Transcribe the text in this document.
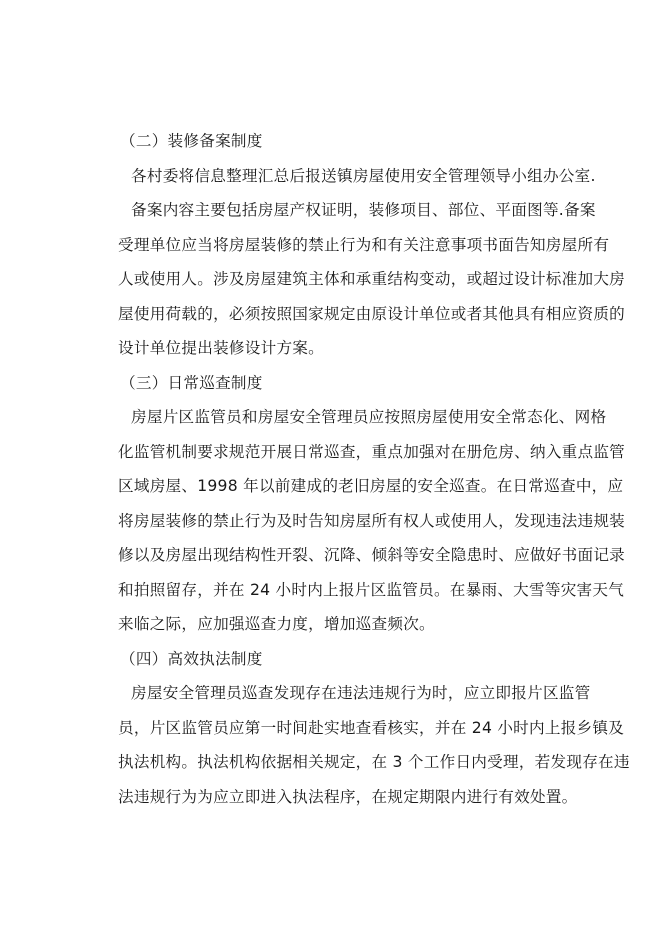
（二）装修备案制度
各村委将信息整理汇总后报送镇房屋使用安全管理领导小组办公室.
备案内容主要包括房屋产权证明，装修项目、部位、平面图等.备案
受理单位应当将房屋装修的禁止行为和有关注意事项书面告知房屋所有
人或使用人。涉及房屋建筑主体和承重结构变动，或超过设计标准加大房
屋使用荷载的，必须按照国家规定由原设计单位或者其他具有相应资质的
设计单位提出装修设计方案。
（三）日常巡查制度
房屋片区监管员和房屋安全管理员应按照房屋使用安全常态化、网格
化监管机制要求规范开展日常巡查，重点加强对在册危房、纳入重点监管
区域房屋、1998 年以前建成的老旧房屋的安全巡查。在日常巡查中，应
将房屋装修的禁止行为及时告知房屋所有权人或使用人，发现违法违规装
修以及房屋出现结构性开裂、沉降、倾斜等安全隐患时、应做好书面记录
和拍照留存，并在 24 小时内上报片区监管员。在暴雨、大雪等灾害天气
来临之际，应加强巡查力度，增加巡查频次。
（四）高效执法制度
房屋安全管理员巡查发现存在违法违规行为时，应立即报片区监管
员，片区监管员应第一时间赴实地查看核实，并在 24 小时内上报乡镇及
执法机构。执法机构依据相关规定，在 3 个工作日内受理，若发现存在违
法违规行为为应立即进入执法程序，在规定期限内进行有效处置。
